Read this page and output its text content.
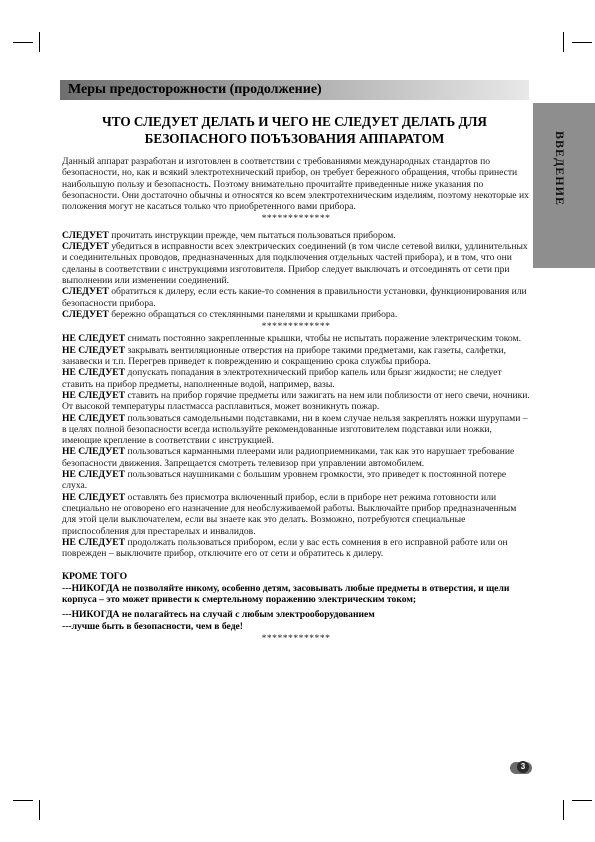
Меры предосторожности (продолжение)
ВВЕДЕНИЕ
ЧТО СЛЕДУЕТ ДЕЛАТЬ И ЧЕГО НЕ СЛЕДУЕТ ДЕЛАТЬ ДЛЯ
БЕЗОПАСНОГО ПОЪЪЗОВАНИЯ АППАРАТОМ

Данный аппарат разработан и изготовлен в соответствии с требованиями международных стандартов по безопасности, но, как и всякий электротехнический прибор, он требует бережного обращения, чтобы принести наибольшую пользу и безопасность. Поэтому внимательно прочитайте приведенные ниже указания по безопасности. Они достаточно обычны и относятся ко всем электротехническим изделиям, поэтому некоторые их положения могут не касаться только что приобретенного вами прибора.

*************

СЛЕДУЕТ прочитать инструкции прежде, чем пытаться пользоваться прибором.

СЛЕДУЕТ убедиться в исправности всех электрических соединений (в том числе сетевой вилки, удлинительных и соединительных проводов, предназначенных для подключения отдельных частей прибора), и в том, что они сделаны в соответствии с инструкциями изготовителя. Прибор следует выключать и отсоединять от сети при выполнении или изменении соединений.

СЛЕДУЕТ обратиться к дилеру, если есть какие-то сомнения в правильности установки, функционирования или безопасности прибора.

СЛЕДУЕТ бережно обращаться со стеклянными панелями и крышками прибора.

*************

НЕ СЛЕДУЕТ снимать постоянно закрепленные крышки, чтобы не испытать поражение электрическим током.

НЕ СЛЕДУЕТ закрывать вентиляционные отверстия на приборе такими предметами, как газеты, салфетки, занавески и т.п. Перегрев приведет к повреждению и сокращению срока службы прибора.

НЕ СЛЕДУЕТ допускать попадания в электротехнический прибор капель или брызг жидкости; не следует ставить на прибор предметы, наполненные водой, например, вазы.

НЕ СЛЕДУЕТ ставить на прибор горячие предметы или зажигать на нем или поблизости от него свечи, ночники. От высокой температуры пластмасса расплавиться, может возникнуть пожар.

НЕ СЛЕДУЕТ пользоваться самодельными подставками, ни в коем случае нельзя закреплять ножки шурупами – в целях полной безопасности всегда используйте рекомендованные изготовителем подставки или ножки, имеющие крепление в соответствии с инструкцией.

НЕ СЛЕДУЕТ пользоваться карманными плеерами или радиоприемниками, так как это нарушает требование безопасности движения. Запрещается смотреть телевизор при управлении автомобилем.

НЕ СЛЕДУЕТ пользоваться наушниками с большим уровнем громкости, это приведет к постоянной потере слуха.

НЕ СЛЕДУЕТ оставлять без присмотра включенный прибор, если в приборе нет режима готовности или специально не оговорено его назначение для необслуживаемой работы. Выключайте прибор предназначенным для этой цели выключателем, если вы знаете как это делать. Возможно, потребуются специальные приспособления для престарелых и инвалидов.

НЕ СЛЕДУЕТ продолжать пользоваться прибором, если у вас есть сомнения в его исправной работе или он поврежден – выключите прибор, отключите его от сети и обратитесь к дилеру.

КРОМЕ ТОГО

---НИКОГДА не позволяйте никому, особенно детям, засовывать любые предметы в отверстия, и щели корпуса – это может привести к смертельному поражению электрическим током;

---НИКОГДА не полагайтесь на случай с любым электрооборудованием

---лучше быть в безопасности, чем в беде!

*************

3
